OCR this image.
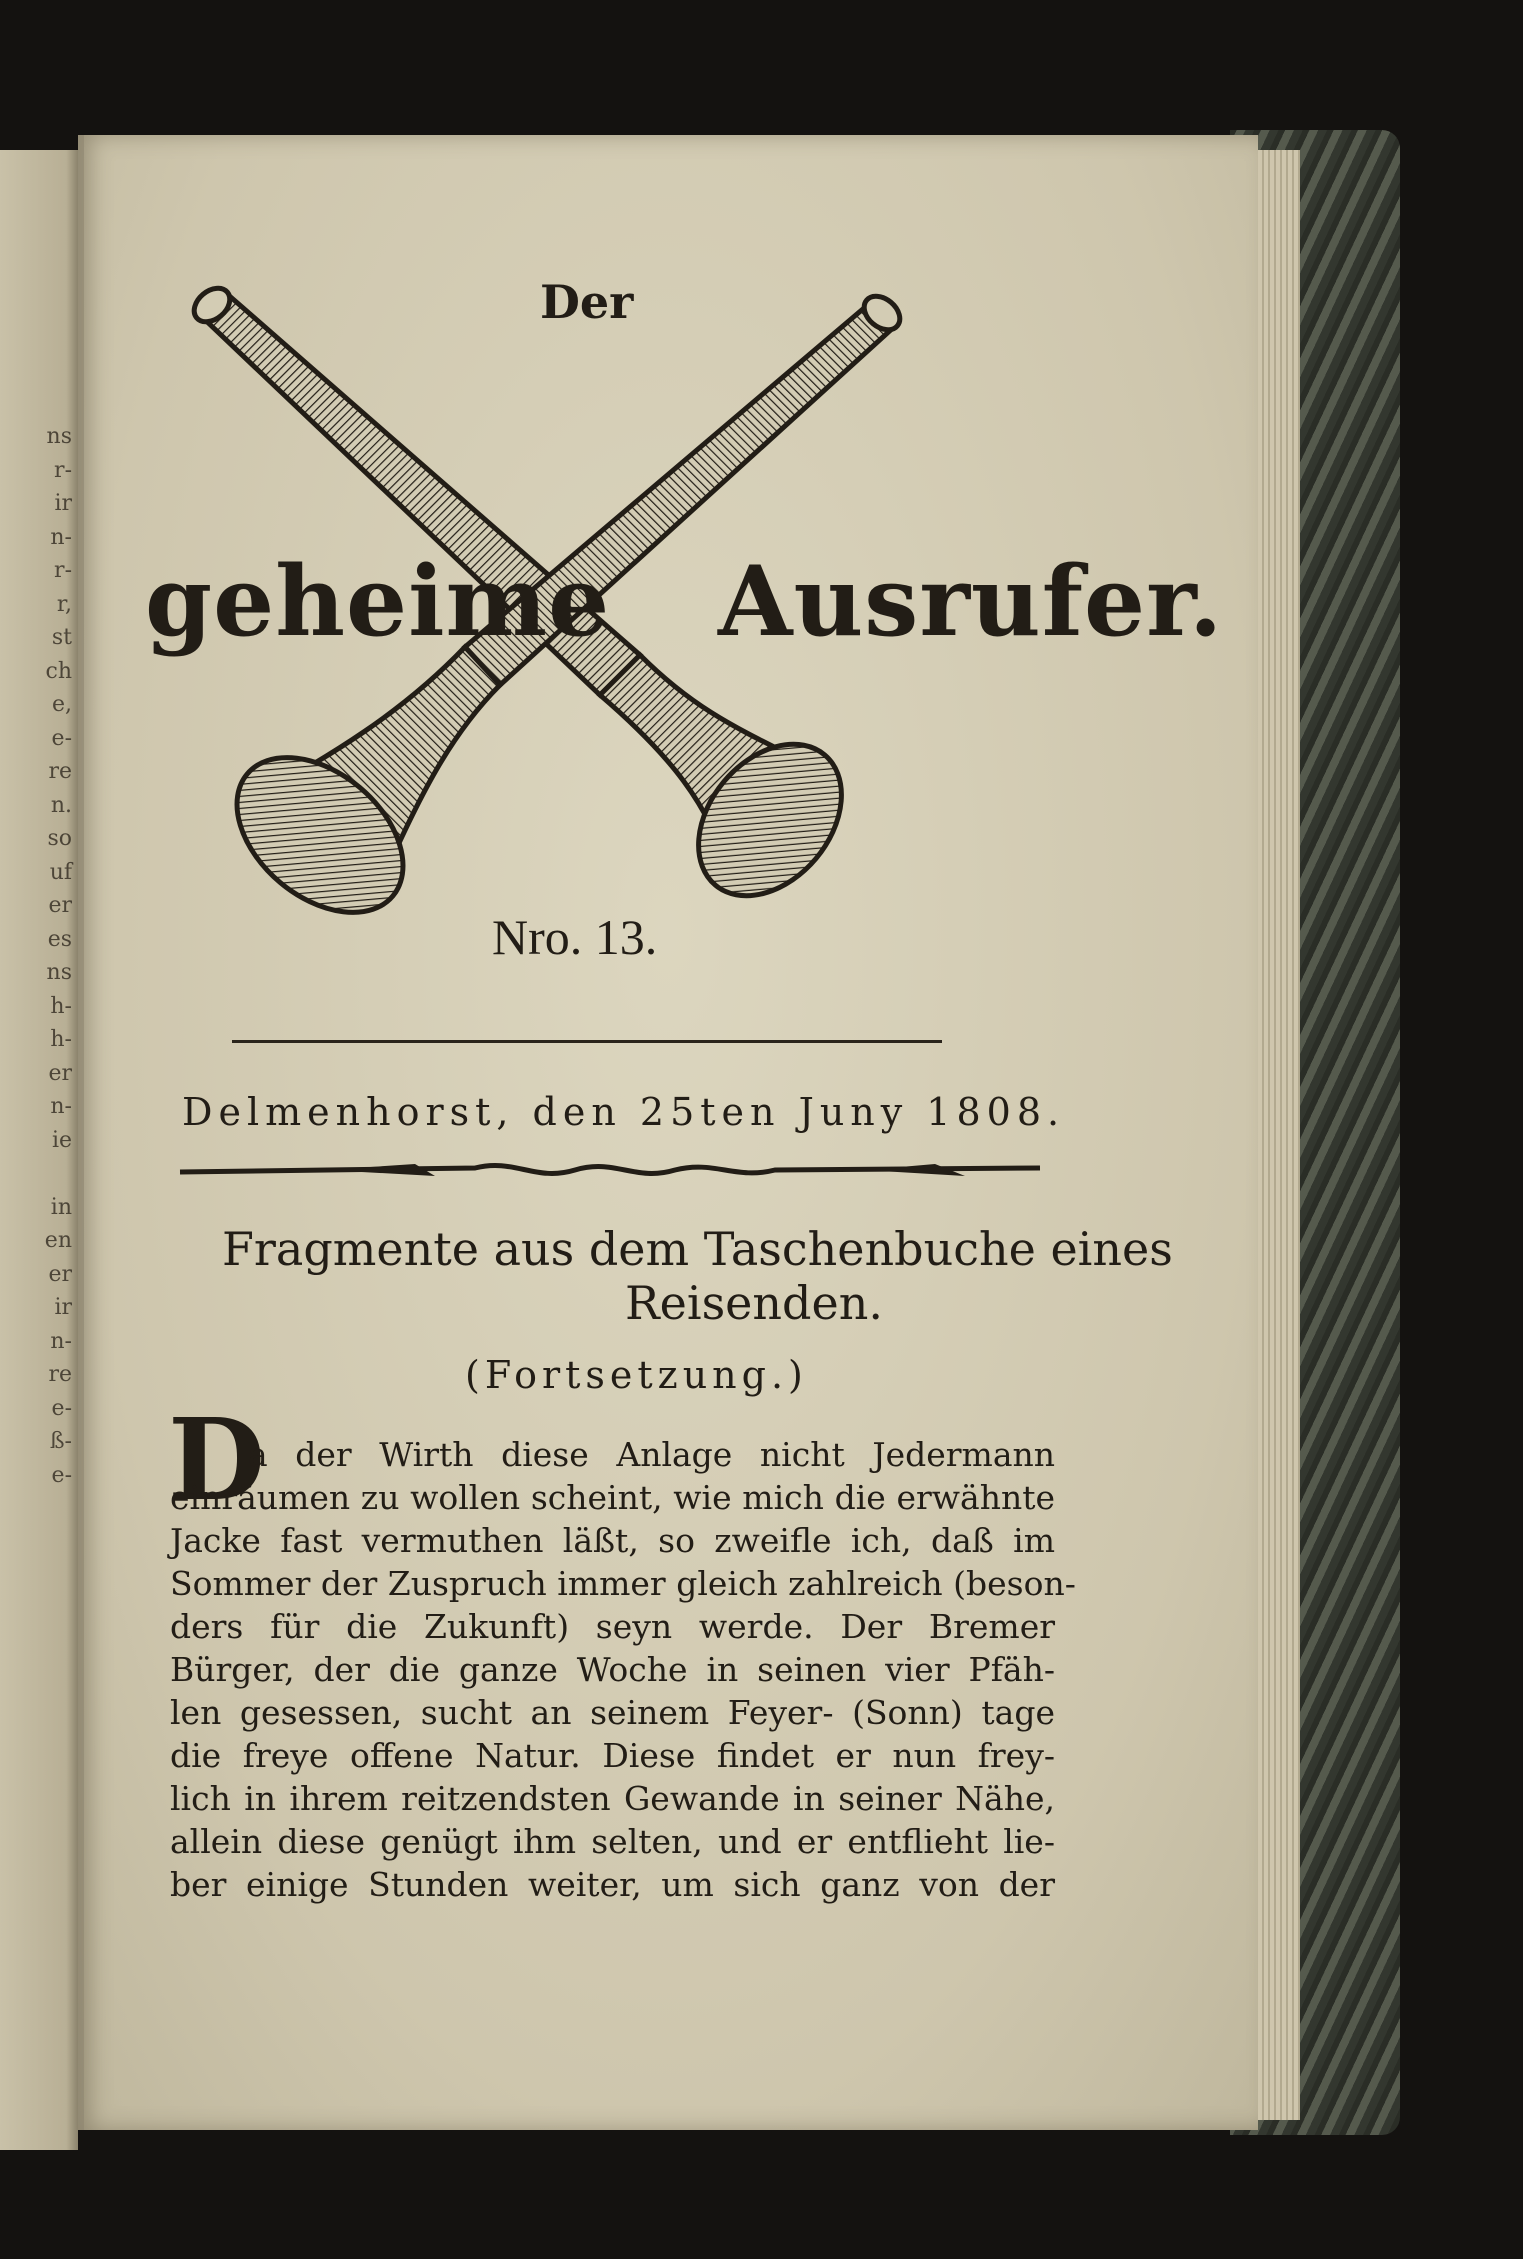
ns
r-
ir
n-
r-
r,
st
ch
e,
e-
re
n.
so
uf
er
es
ns
h-
h-
er
n-
ie

in
en
er
ir
n-
re
e-
ß-
e-
Der
geheime Ausrufer.
Nro. 13.
Delmenhorst, den 25ten Juny 1808.
Fragmente aus dem Taschenbuche eines
Reisenden.
(Fortsetzung.)
D
a der Wirth diese Anlage nicht Jedermann
einräumen zu wollen scheint, wie mich die erwähnte
Jacke fast vermuthen läßt, so zweifle ich, daß im
Sommer der Zuspruch immer gleich zahlreich (beson-
ders für die Zukunft) seyn werde. Der Bremer
Bürger, der die ganze Woche in seinen vier Pfäh-
len gesessen, sucht an seinem Feyer- (Sonn) tage
die freye offene Natur. Diese findet er nun frey-
lich in ihrem reitzendsten Gewande in seiner Nähe,
allein diese genügt ihm selten, und er entflieht lie-
ber einige Stunden weiter, um sich ganz von der
